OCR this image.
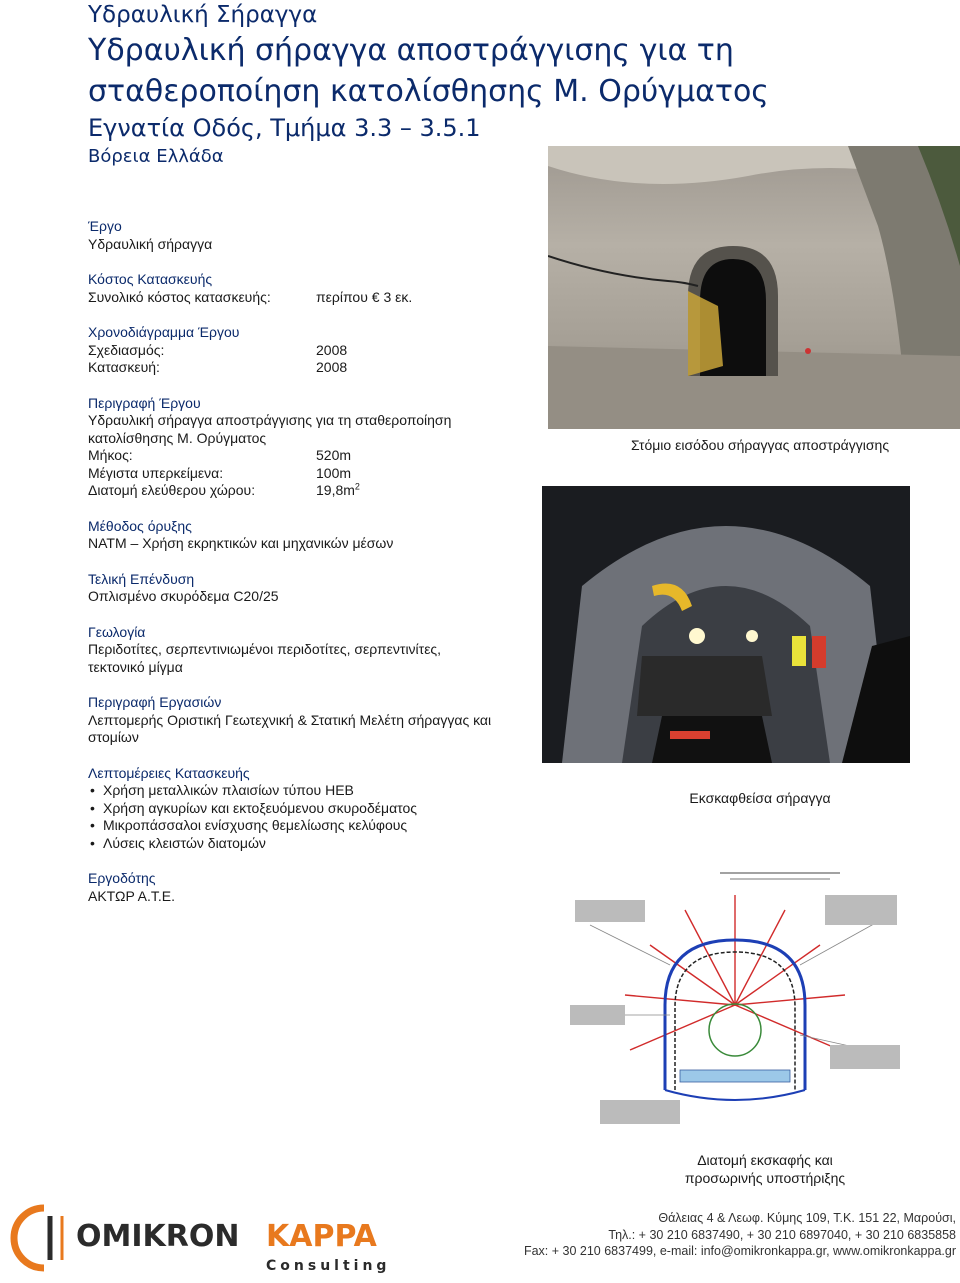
Υδραυλική Σήραγγα
Υδραυλική σήραγγα αποστράγγισης για τη
σταθεροποίηση κατολίσθησης Μ. Ορύγματος
Εγνατία Οδός, Τμήμα 3.3 – 3.5.1
Βόρεια Ελλάδα
Έργο
Υδραυλική σήραγγα
Κόστος Κατασκευής
Συνολικό κόστος κατασκευής:	περίπου € 3 εκ.
Χρονοδιάγραμμα Έργου
Σχεδιασμός:	2008
Κατασκευή:	2008
Περιγραφή Έργου
Υδραυλική σήραγγα αποστράγγισης για τη σταθεροποίηση κατολίσθησης Μ. Ορύγματος
Μήκος:	520m
Μέγιστα υπερκείμενα:	100m
Διατομή ελεύθερου χώρου:	$19,8m^2$
Μέθοδος όρυξης
NATM – Χρήση εκρηκτικών και μηχανικών μέσων
Τελική Επένδυση
Οπλισμένο σκυρόδεμα C20/25
Γεωλογία
Περιδοτίτες, σερπεντινιωμένοι περιδοτίτες, σερπεντινίτες, τεκτονικό μίγμα
Περιγραφή Εργασιών
Λεπτομερής Οριστική Γεωτεχνική & Στατική Μελέτη σήραγγας και στομίων
Λεπτομέρειες Κατασκευής
• Χρήση μεταλλικών πλαισίων τύπου HEB
• Χρήση αγκυρίων και εκτοξευόμενου σκυροδέματος
• Μικροπάσσαλοι ενίσχυσης θεμελίωσης κελύφους
• Λύσεις κλειστών διατομών
Εργοδότης
ΑΚΤΩΡ Α.Τ.Ε.
Στόμιο εισόδου σήραγγας αποστράγγισης
Εκσκαφθείσα σήραγγα
Διατομή εκσκαφής και
προσωρινής υποστήριξης
OMIKRON KAPPA
Consulting
Θάλειας 4 & Λεωφ. Κύμης 109, Τ.Κ. 151 22, Μαρούσι,
Τηλ.: + 30 210 6837490, + 30 210 6897040, + 30 210 6835858
Fax: + 30 210 6837499, e-mail: info@omikronkappa.gr, www.omikronkappa.gr
